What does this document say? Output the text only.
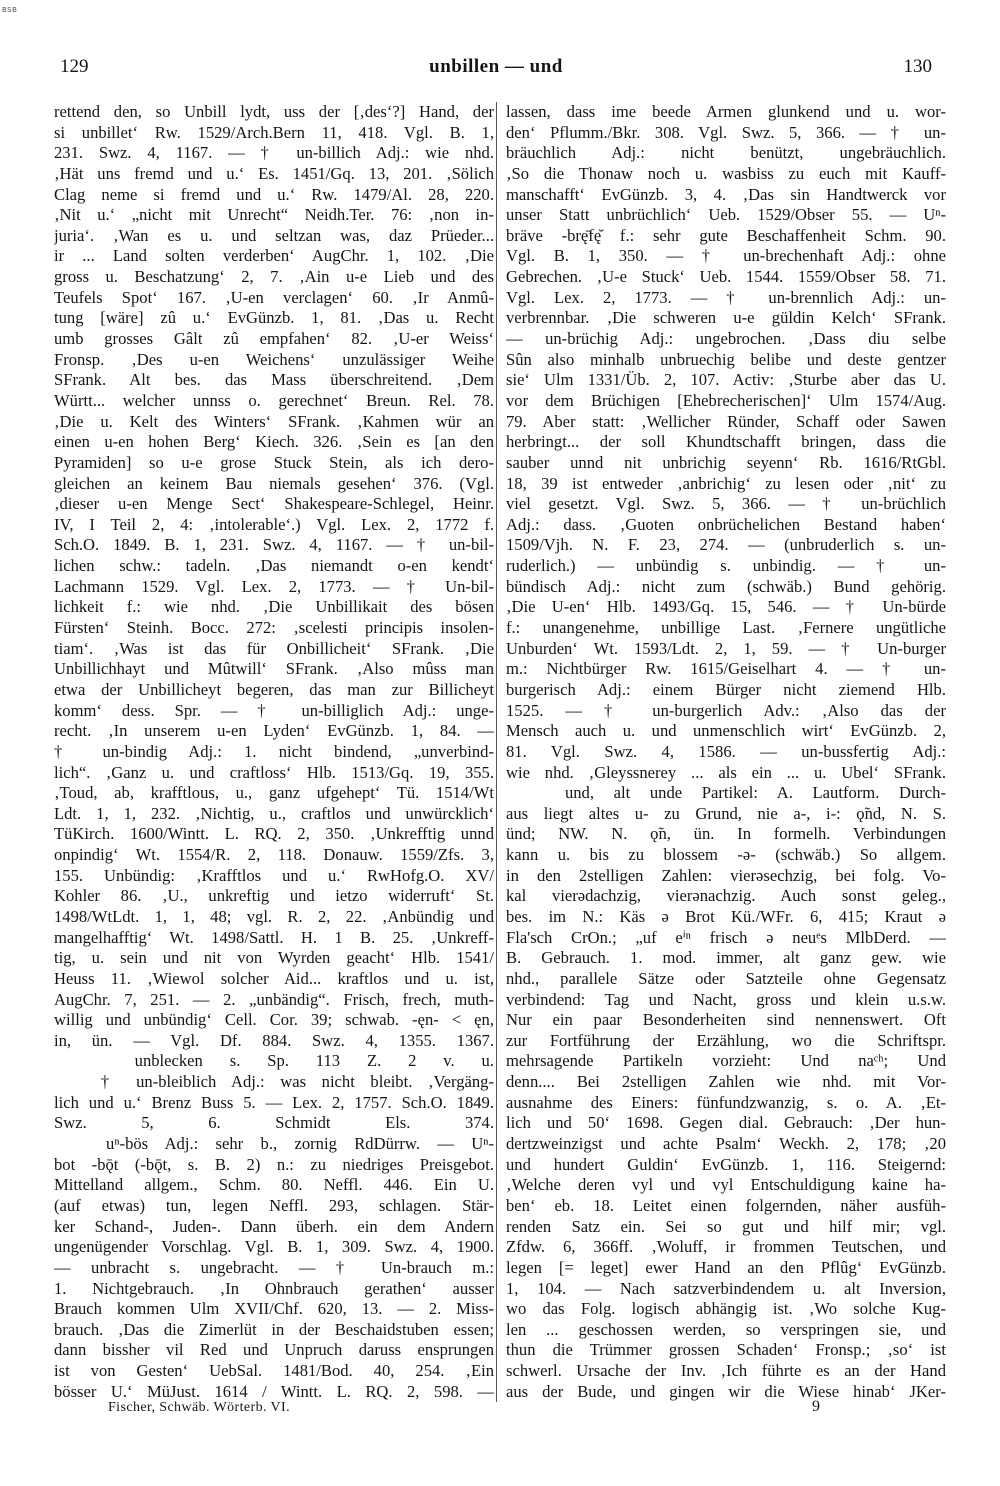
BSB
129	unbillen — und	130
rettend den, so Unbill lydt, uss der [‚des‘?] Hand, der
si unbillet‘ Rw. 1529/Arch.Bern 11, 418. Vgl. B. 1,
231. Swz. 4, 1167. — † un-billich Adj.: wie nhd.
‚Hät uns fremd und u.‘ Es. 1451/Gq. 13, 201. ‚Sölich
Clag neme si fremd und u.‘ Rw. 1479/Al. 28, 220.
‚Nit u.‘ „nicht mit Unrecht“ Neidh.Ter. 76: ‚non in-
juria‘. ‚Wan es u. und seltzan was, daz Prüeder...
ir ... Land solten verderben‘ AugChr. 1, 102. ‚Die
gross u. Beschatzung‘ 2, 7. ‚Ain u-e Lieb und des
Teufels Spot‘ 167. ‚U-en verclagen‘ 60. ‚Ir Anmû-
tung [wäre] zû u.‘ EvGünzb. 1, 81. ‚Das u. Recht
umb grosses Gâlt zû empfahen‘ 82. ‚U-er Weiss‘
Fronsp. ‚Des u-en Weichens‘ unzulässiger Weihe
SFrank. Alt bes. das Mass überschreitend. ‚Dem
Württ... welcher unnss o. gerechnet‘ Breun. Rel. 78.
‚Die u. Kelt des Winters‘ SFrank. ‚Kahmen wür an
einen u-en hohen Berg‘ Kiech. 326. ‚Sein es [an den
Pyramiden] so u-e grose Stuck Stein, als ich dero-
gleichen an keinem Bau niemals gesehen‘ 376. (Vgl.
‚dieser u-en Menge Sect‘ Shakespeare-Schlegel, Heinr.
IV, I Teil 2, 4: ‚intolerable‘.) Vgl. Lex. 2, 1772 f.
Sch.O. 1849. B. 1, 231. Swz. 4, 1167. — † un-bil-
lichen schw.: tadeln. ‚Das niemandt o-en kendt‘
Lachmann 1529. Vgl. Lex. 2, 1773. — † Un-bil-
lichkeit f.: wie nhd. ‚Die Unbillikait des bösen
Fürsten‘ Steinh. Bocc. 272: ‚scelesti principis insolen-
tiam‘. ‚Was ist das für Onbillicheit‘ SFrank. ‚Die
Unbillichhayt und Mûtwill‘ SFrank. ‚Also mûss man
etwa der Unbillicheyt begeren, das man zur Billicheyt
komm‘ dess. Spr. — † un-billiglich Adj.: unge-
recht. ‚In unserem u-en Lyden‘ EvGünzb. 1, 84. —
† un-bindig Adj.: 1. nicht bindend, „unverbind-
lich“. ‚Ganz u. und craftloss‘ Hlb. 1513/Gq. 19, 355.
‚Toud, ab, krafftlous, u., ganz ufgehept‘ Tü. 1514/Wt
Ldt. 1, 1, 232. ‚Nichtig, u., craftlos und unwürcklich‘
TüKirch. 1600/Wintt. L. RQ. 2, 350. ‚Unkrefftig unnd
onpindig‘ Wt. 1554/R. 2, 118. Donauw. 1559/Zfs. 3,
155. Unbündig: ‚Krafftlos und u.‘ RwHofg.O. XV/
Kohler 86. ‚U., unkreftig und ietzo widerruft‘ St.
1498/WtLdt. 1, 1, 48; vgl. R. 2, 22. ‚Anbündig und
mangelhafftig‘ Wt. 1498/Sattl. H. 1 B. 25. ‚Unkreff-
tig, u. sein und nit von Wyrden geacht‘ Hlb. 1541/
Heuss 11. ‚Wiewol solcher Aid... kraftlos und u. ist,
AugChr. 7, 251. — 2. „unbändig“. Frisch, frech, muth-
willig und unbündig‘ Cell. Cor. 39; schwab. -ęn- < ęn,
in, ün. — Vgl. Df. 884. Swz. 4, 1355. 1367.
unblecken s. Sp. 113 Z. 2 v. u.
† un-bleiblich Adj.: was nicht bleibt. ‚Vergäng-
lich und u.‘ Brenz Buss 5. — Lex. 2, 1757. Sch.O. 1849.
Swz. 5, 6. Schmidt Els. 374.
uⁿ-bös Adj.: sehr b., zornig RdDürrw. — Uⁿ-
bot -bǭt (-bǭt, s. B. 2) n.: zu niedriges Preisgebot.
Mittelland allgem., Schm. 80. Neffl. 446. Ein U.
(auf etwas) tun, legen Neffl. 293, schlagen. Stär-
ker Schand-, Juden-. Dann überh. ein dem Andern
ungenügender Vorschlag. Vgl. B. 1, 309. Swz. 4, 1900.
— unbracht s. ungebracht. — † Un-brauch m.:
1. Nichtgebrauch. ‚In Ohnbrauch gerathen‘ ausser
Brauch kommen Ulm XVII/Chf. 620, 13. — 2. Miss-
brauch. ‚Das die Zimerlüt in der Beschaidstuben essen;
dann bissher vil Red und Unpruch daruss ensprungen
ist von Gesten‘ UebSal. 1481/Bod. 40, 254. ‚Ein
bösser U.‘ MüJust. 1614 / Wintt. L. RQ. 2, 598. —
lassen, dass ime beede Armen glunkend und u. wor-
den‘ Pflumm./Bkr. 308. Vgl. Swz. 5, 366. — † un-
bräuchlich Adj.: nicht benützt, ungebräuchlich.
‚So die Thonaw noch u. wasbiss zu euch mit Kauff-
manschafft‘ EvGünzb. 3, 4. ‚Das sin Handtwerck vor
unser Statt unbrüchlich‘ Ueb. 1529/Obser 55. — Uⁿ-
bräve -brę̄fę̆ f.: sehr gute Beschaffenheit Schm. 90.
Vgl. B. 1, 350. — † un-brechenhaft Adj.: ohne
Gebrechen. ‚U-e Stuck‘ Ueb. 1544. 1559/Obser 58. 71.
Vgl. Lex. 2, 1773. — † un-brennlich Adj.: un-
verbrennbar. ‚Die schweren u-e güldin Kelch‘ SFrank.
— un-brüchig Adj.: ungebrochen. ‚Dass diu selbe
Sûn also minhalb unbruechig belibe und deste gentzer
sie‘ Ulm 1331/Üb. 2, 107. Activ: ‚Sturbe aber das U.
vor dem Brüchigen [Ehebrecherischen]‘ Ulm 1574/Aug.
79. Aber statt: ‚Wellicher Ründer, Schaff oder Sawen
herbringt... der soll Khundtschafft bringen, dass die
sauber unnd nit unbrichig seyenn‘ Rb. 1616/RtGbl.
18, 39 ist entweder ‚anbrichig‘ zu lesen oder ‚nit‘ zu
viel gesetzt. Vgl. Swz. 5, 366. — † un-brüchlich
Adj.: dass. ‚Guoten onbrüchelichen Bestand haben‘
1509/Vjh. N. F. 23, 274. — (unbruderlich s. un-
ruderlich.) — unbündig s. unbindig. — † un-
bündisch Adj.: nicht zum (schwäb.) Bund gehörig.
‚Die U-en‘ Hlb. 1493/Gq. 15, 546. — † Un-bürde
f.: unangenehme, unbillige Last. ‚Fernere ungütliche
Unburden‘ Wt. 1593/Ldt. 2, 1, 59. — † Un-burger
m.: Nichtbürger Rw. 1615/Geiselhart 4. — † un-
burgerisch Adj.: einem Bürger nicht ziemend Hlb.
1525. — † un-burgerlich Adv.: ‚Also das der
Mensch auch u. und unmenschlich wirt‘ EvGünzb. 2,
81. Vgl. Swz. 4, 1586. — un-bussfertig Adj.:
wie nhd. ‚Gleyssnerey ... als ein ... u. Ubel‘ SFrank.
und, alt unde Partikel: A. Lautform. Durch-
aus liegt altes u- zu Grund, nie a-, i-: ǫ̃nd, N. S.
ünd; NW. N. ǫ̃n, ün. In formelh. Verbindungen
kann u. bis zu blossem -ə- (schwäb.) So allgem.
in den 2stelligen Zahlen: vierəsechzig, bei folg. Vo-
kal vierədachzig, vierənachzig. Auch sonst geleg.,
bes. im N.: Käs ə Brot Kü./WFr. 6, 415; Kraut ə
Fla'sch CrOn.; „uf eⁱⁿ frisch ə neuᵉs MlbDerd. —
B. Gebrauch. 1. mod. immer, alt ganz gew. wie
nhd., parallele Sätze oder Satzteile ohne Gegensatz
verbindend: Tag und Nacht, gross und klein u.s.w.
Nur ein paar Besonderheiten sind nennenswert. Oft
zur Fortführung der Erzählung, wo die Schriftspr.
mehrsagende Partikeln vorzieht: Und naᶜʰ; Und
denn.... Bei 2stelligen Zahlen wie nhd. mit Vor-
ausnahme des Einers: fünfundzwanzig, s. o. A. ‚Et-
lich und 50‘ 1698. Gegen dial. Gebrauch: ‚Der hun-
dertzweinzigst und achte Psalm‘ Weckh. 2, 178; ‚20
und hundert Guldin‘ EvGünzb. 1, 116. Steigernd:
‚Welche deren vyl und vyl Entschuldigung kaine ha-
ben‘ eb. 18. Leitet einen folgernden, näher ausfüh-
renden Satz ein. Sei so gut und hilf mir; vgl.
Zfdw. 6, 366ff. ‚Woluff, ir frommen Teutschen, und
legen [= leget] ewer Hand an den Pflûg‘ EvGünzb.
1, 104. — Nach satzverbindendem u. alt Inversion,
wo das Folg. logisch abhängig ist. ‚Wo solche Kug-
len ... geschossen werden, so verspringen sie, und
thun die Trümmer grossen Schaden‘ Fronsp.; ‚so‘ ist
schwerl. Ursache der Inv. ‚Ich führte es an der Hand
aus der Bude, und gingen wir die Wiese hinab‘ JKer-
Fischer, Schwäb. Wörterb. VI.	9
